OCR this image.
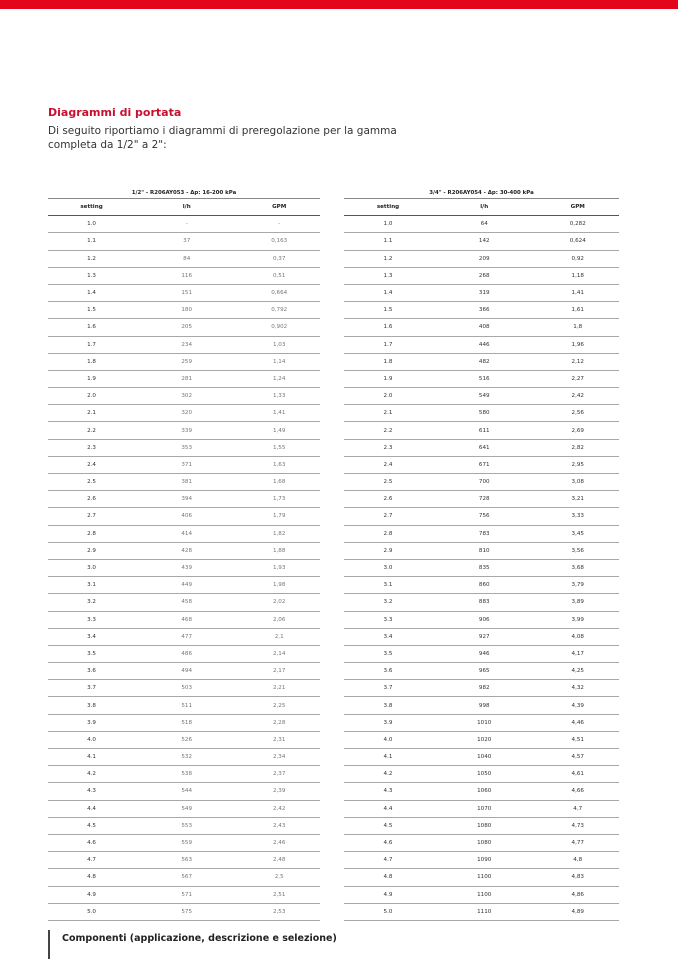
Diagrammi di portata
Di seguito riportiamo i diagrammi di preregolazione per la gamma completa da 1/2" a 2":
1/2" - R206AY053 - Δp: 16-200 kPa		
setting	l/h	GPM
1.0	-	-
1.1	37	0,163
1.2	84	0,37
1.3	116	0,51
1.4	151	0,664
1.5	180	0,792
1.6	205	0,902
1.7	234	1,03
1.8	259	1,14
1.9	281	1,24
2.0	302	1,33
2.1	320	1,41
2.2	339	1,49
2.3	353	1,55
2.4	371	1,63
2.5	381	1,68
2.6	394	1,73
2.7	406	1,79
2.8	414	1,82
2.9	428	1,88
3.0	439	1,93
3.1	449	1,98
3.2	458	2,02
3.3	468	2,06
3.4	477	2,1
3.5	486	2,14
3.6	494	2,17
3.7	503	2,21
3.8	511	2,25
3.9	518	2,28
4.0	526	2,31
4.1	532	2,34
4.2	538	2,37
4.3	544	2,39
4.4	549	2,42
4.5	553	2,43
4.6	559	2,46
4.7	563	2,48
4.8	567	2,5
4.9	571	2,51
5.0	575	2,53
3/4" - R206AY054 - Δp: 30-400 kPa		
setting	l/h	GPM
1.0	64	0,282
1.1	142	0,624
1.2	209	0,92
1.3	268	1,18
1.4	319	1,41
1.5	366	1,61
1.6	408	1,8
1.7	446	1,96
1.8	482	2,12
1.9	516	2,27
2.0	549	2,42
2.1	580	2,56
2.2	611	2,69
2.3	641	2,82
2.4	671	2,95
2.5	700	3,08
2.6	728	3,21
2.7	756	3,33
2.8	783	3,45
2.9	810	3,56
3.0	835	3,68
3.1	860	3,79
3.2	883	3,89
3.3	906	3,99
3.4	927	4,08
3.5	946	4,17
3.6	965	4,25
3.7	982	4,32
3.8	998	4,39
3.9	1010	4,46
4.0	1020	4,51
4.1	1040	4,57
4.2	1050	4,61
4.3	1060	4,66
4.4	1070	4,7
4.5	1080	4,73
4.6	1080	4,77
4.7	1090	4,8
4.8	1100	4,83
4.9	1100	4,86
5.0	1110	4,89
Componenti (applicazione, descrizione e selezione)
